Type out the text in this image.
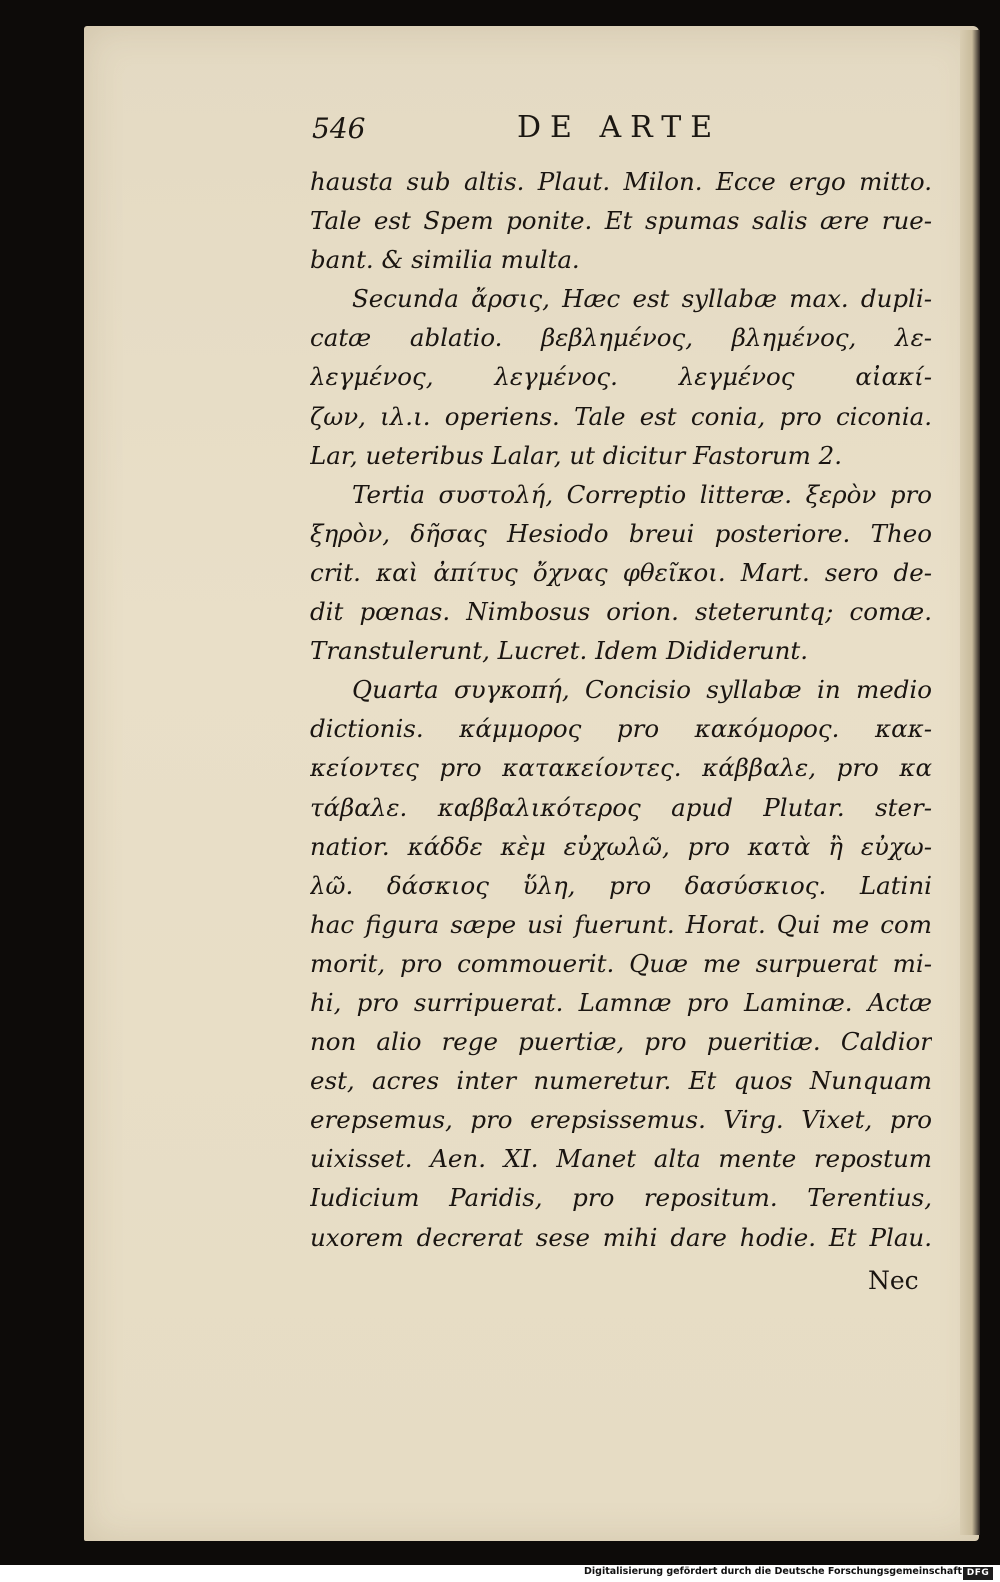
546	DE ARTE
hausta sub altis. Plaut. Milon. Ecce ergo mitto.
Tale est Spem ponite. Et spumas salis ære rue-
bant. & similia multa.
Secunda ἄρσις, Hæc est syllabæ max. dupli-
catæ ablatio. βεβλημένος, βλημένος, λε-
λεγμένος, λεγμένος. λεγμένος αἰακί-
ζων, ιλ.ι. operiens. Tale est conia, pro ciconia.
Lar, ueteribus Lalar, ut dicitur Fastorum 2.
Tertia συστολή, Correptio litteræ. ξερὸν pro
ξηρὸν, δῆσας Hesiodo breui posteriore. Theo
crit. καὶ ἀπίτυς ὄχνας φθεῖκοι. Mart. sero de-
dit pœnas. Nimbosus orion. steteruntq; comæ.
Transtulerunt, Lucret. Idem Dididerunt.
Quarta συγκοπή, Concisio syllabæ in medio
dictionis. κάμμορος pro κακόμορος. κακ-
κείοντες pro κατακείοντες. κάββαλε, pro κα
τάβαλε. καββαλικότερος apud Plutar. ster-
natior. κάδδε κὲμ εὐχωλῶ, pro κατὰ ἢ εὐχω-
λῶ. δάσκιος ὕλη, pro δασύσκιος. Latini
hac figura sæpe usi fuerunt. Horat. Qui me com
morit, pro commouerit. Quæ me surpuerat mi-
hi, pro surripuerat. Lamnæ pro Laminæ. Actæ
non alio rege puertiæ, pro pueritiæ. Caldior
est, acres inter numeretur. Et quos Nunquam
erepsemus, pro erepsissemus. Virg. Vixet, pro
uixisset. Aen. XI. Manet alta mente repostum
Iudicium Paridis, pro repositum. Terentius,
uxorem decrerat sese mihi dare hodie. Et Plau.
Nec
Digitalisierung gefördert durch die Deutsche Forschungsgemeinschaft DFG
